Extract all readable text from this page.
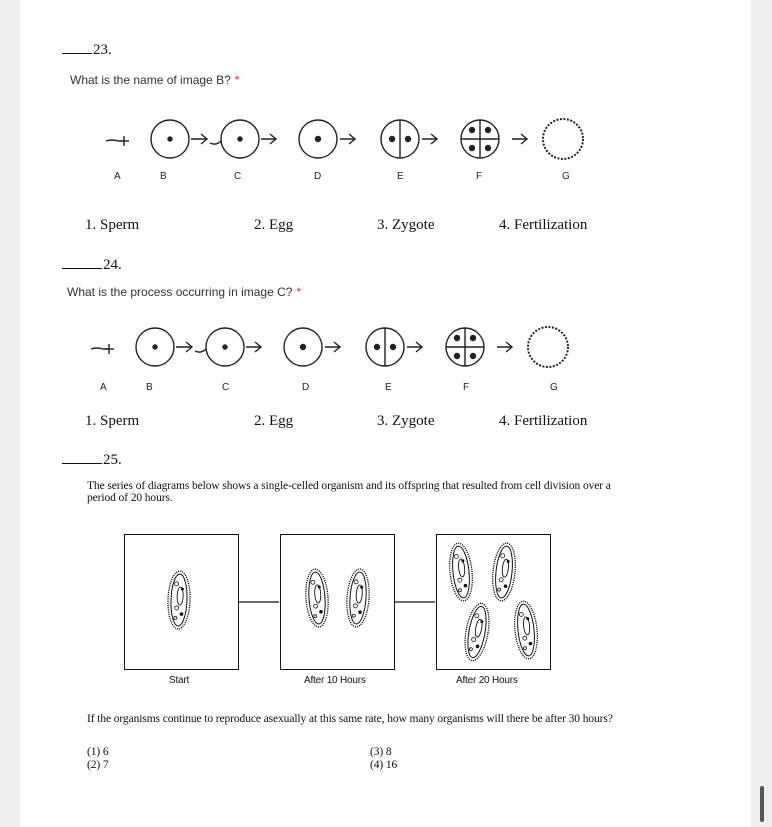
23.
What is the name of image B? *
A	B	C	D	E	F	G
1. Sperm	2. Egg	3. Zygote	4. Fertilization
24.
What is the process occurring in image C? *
A	B	C	D	E	F	G
1. Sperm	2. Egg	3. Zygote	4. Fertilization
25.
The series of diagrams below shows a single-celled organism and its offspring that resulted from cell division over a period of 20 hours.
Start	After 10 Hours	After 20 Hours
If the organisms continue to reproduce asexually at this same rate, how many organisms will there be after 30 hours?
(1) 6
(2) 7
(3) 8
(4) 16
